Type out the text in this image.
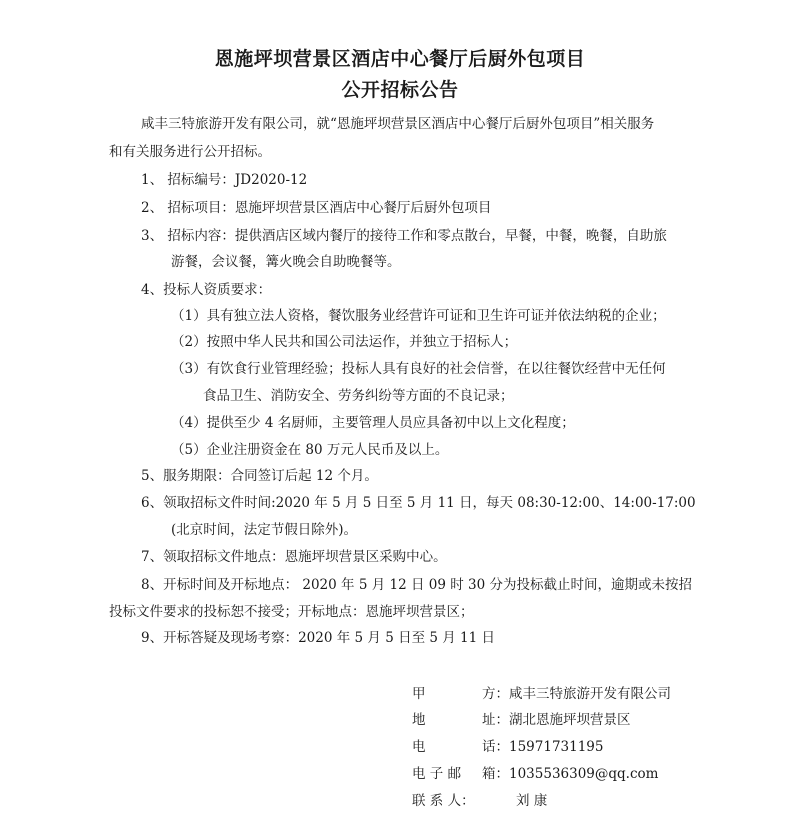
恩施坪坝营景区酒店中心餐厅后厨外包项目
公开招标公告
咸丰三特旅游开发有限公司，就“恩施坪坝营景区酒店中心餐厅后厨外包项目”相关服务
和有关服务进行公开招标。
1、 招标编号：JD2020-12
2、 招标项目：恩施坪坝营景区酒店中心餐厅后厨外包项目
3、 招标内容：提供酒店区域内餐厅的接待工作和零点散台，早餐，中餐，晚餐，自助旅
游餐，会议餐，篝火晚会自助晚餐等。
4、投标人资质要求：
（1）具有独立法人资格，餐饮服务业经营许可证和卫生许可证并依法纳税的企业；
（2）按照中华人民共和国公司法运作，并独立于招标人；
（3）有饮食行业管理经验；投标人具有良好的社会信誉，在以往餐饮经营中无任何
食品卫生、消防安全、劳务纠纷等方面的不良记录；
（4）提供至少 4 名厨师，主要管理人员应具备初中以上文化程度；
（5）企业注册资金在 80 万元人民币及以上。
5、服务期限：合同签订后起 12 个月。
6、领取招标文件时间:2020 年 5 月 5 日至 5 月 11 日，每天 08:30-12:00、14:00-17:00
(北京时间，法定节假日除外)。
7、领取招标文件地点：恩施坪坝营景区采购中心。
8、开标时间及开标地点： 2020 年 5 月 12 日 09 时 30 分为投标截止时间，逾期或未按招
投标文件要求的投标恕不接受；开标地点：恩施坪坝营景区；
9、开标答疑及现场考察：2020 年 5 月 5 日至 5 月 11 日
甲	方：咸丰三特旅游开发有限公司
地	址：湖北恩施坪坝营景区
电	话：15971731195
电 子 邮 箱：1035536309@qq.com
联 系 人：	刘 康
